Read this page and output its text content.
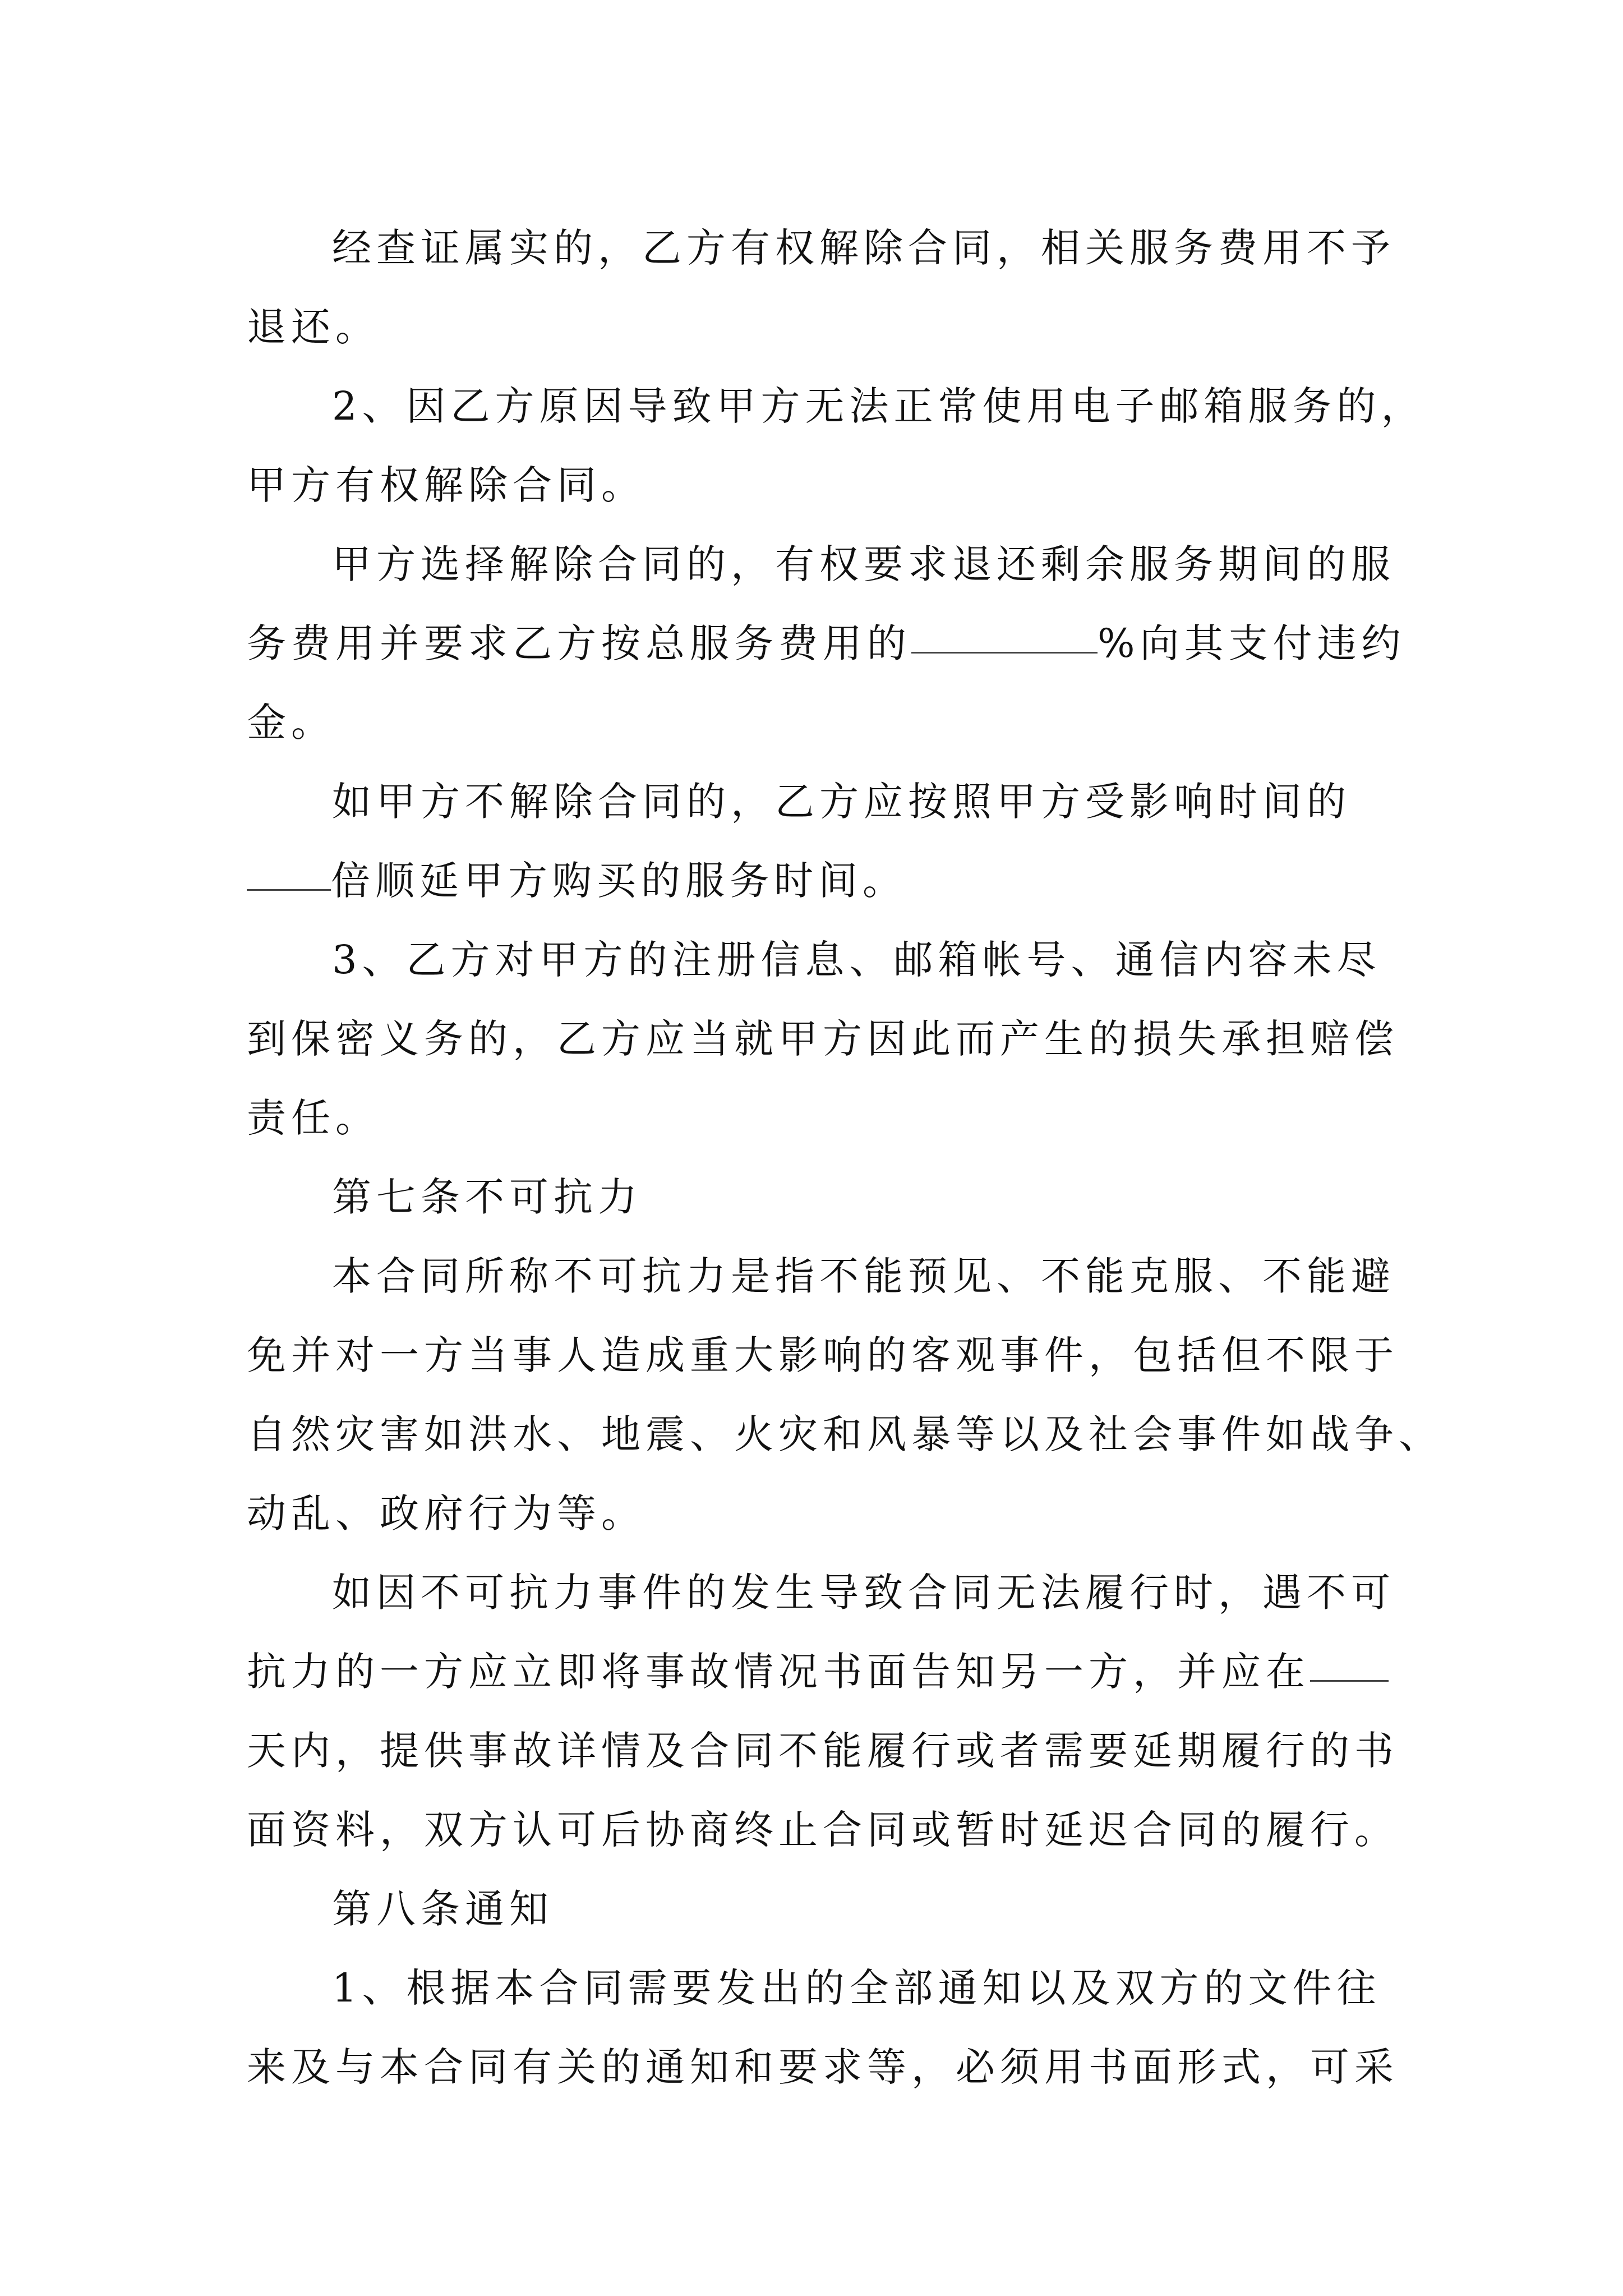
经查证属实的，乙方有权解除合同，相关服务费用不予
退还。

2、因乙方原因导致甲方无法正常使用电子邮箱服务的，
甲方有权解除合同。

甲方选择解除合同的，有权要求退还剩余服务期间的服
务费用并要求乙方按总服务费用的	%向其支付违约
金。

如甲方不解除合同的，乙方应按照甲方受影响时间的
倍顺延甲方购买的服务时间。

3、乙方对甲方的注册信息、邮箱帐号、通信内容未尽
到保密义务的，乙方应当就甲方因此而产生的损失承担赔偿
责任。

第七条不可抗力

本合同所称不可抗力是指不能预见、不能克服、不能避
免并对一方当事人造成重大影响的客观事件，包括但不限于
自然灾害如洪水、地震、火灾和风暴等以及社会事件如战争、
动乱、政府行为等。

如因不可抗力事件的发生导致合同无法履行时，遇不可
抗力的一方应立即将事故情况书面告知另一方，并应在
天内，提供事故详情及合同不能履行或者需要延期履行的书
面资料，双方认可后协商终止合同或暂时延迟合同的履行。

第八条通知

1、根据本合同需要发出的全部通知以及双方的文件往
来及与本合同有关的通知和要求等，必须用书面形式，可采
